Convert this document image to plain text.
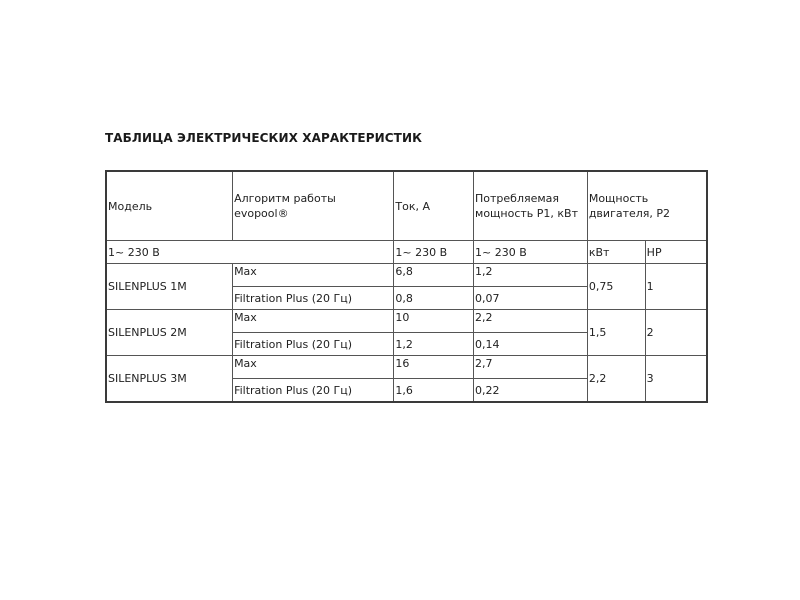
ТАБЛИЦА ЭЛЕКТРИЧЕСКИХ ХАРАКТЕРИСТИК
Модель	Алгоритм работы evopool®	Ток, А	Потребляемая мощность P1, кВт	Мощность двигателя, P2	
1~ 230 В		1~ 230 В	1~ 230 В	кВт	HP
SILENPLUS 1M	Max	6,8	1,2	0,75	1
	Filtration Plus (20 Гц)	0,8	0,07		
SILENPLUS 2M	Max	10	2,2	1,5	2
	Filtration Plus (20 Гц)	1,2	0,14		
SILENPLUS 3M	Max	16	2,7	2,2	3
	Filtration Plus (20 Гц)	1,6	0,22		
